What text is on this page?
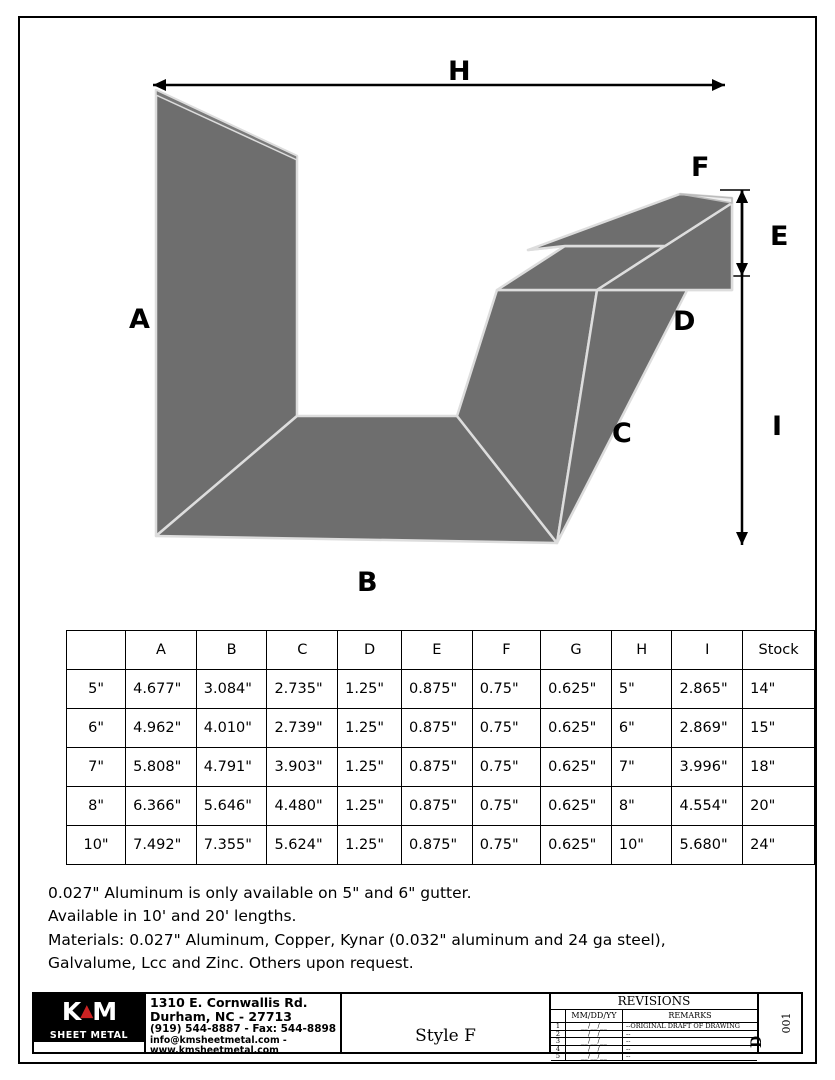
H
F
E
A	D
I
C
B
	A	B	C	D	E	F	G	H	I	Stock
5"	4.677"	3.084"	2.735"	1.25"	0.875"	0.75"	0.625"	5"	2.865"	14"
6"	4.962"	4.010"	2.739"	1.25"	0.875"	0.75"	0.625"	6"	2.869"	15"
7"	5.808"	4.791"	3.903"	1.25"	0.875"	0.75"	0.625"	7"	3.996"	18"
8"	6.366"	5.646"	4.480"	1.25"	0.875"	0.75"	0.625"	8"	4.554"	20"
10"	7.492"	7.355"	5.624"	1.25"	0.875"	0.75"	0.625"	10"	5.680"	24"
0.027" Aluminum is only available on 5" and 6" gutter.
Available in 10' and 20' lengths.
Materials: 0.027" Aluminum, Copper, Kynar (0.032" aluminum and 24 ga steel),
Galvalume, Lcc and Zinc. Others upon request.
K ▲ M
SHEET METAL
1310 E. Cornwallis Rd.
Durham, NC - 27713
(919) 544-8887 - Fax: 544-8898
info@kmsheetmetal.com - www.kmsheetmetal.com
Style F
REVISIONS
MM/DD/YY	REMARKS
1	__/__/__	--ORIGINAL DRAFT OF DRAWING
2	__/__/__	--
3	__/__/__	--
4	__/__/__	--
5	__/__/__	--
001
D
